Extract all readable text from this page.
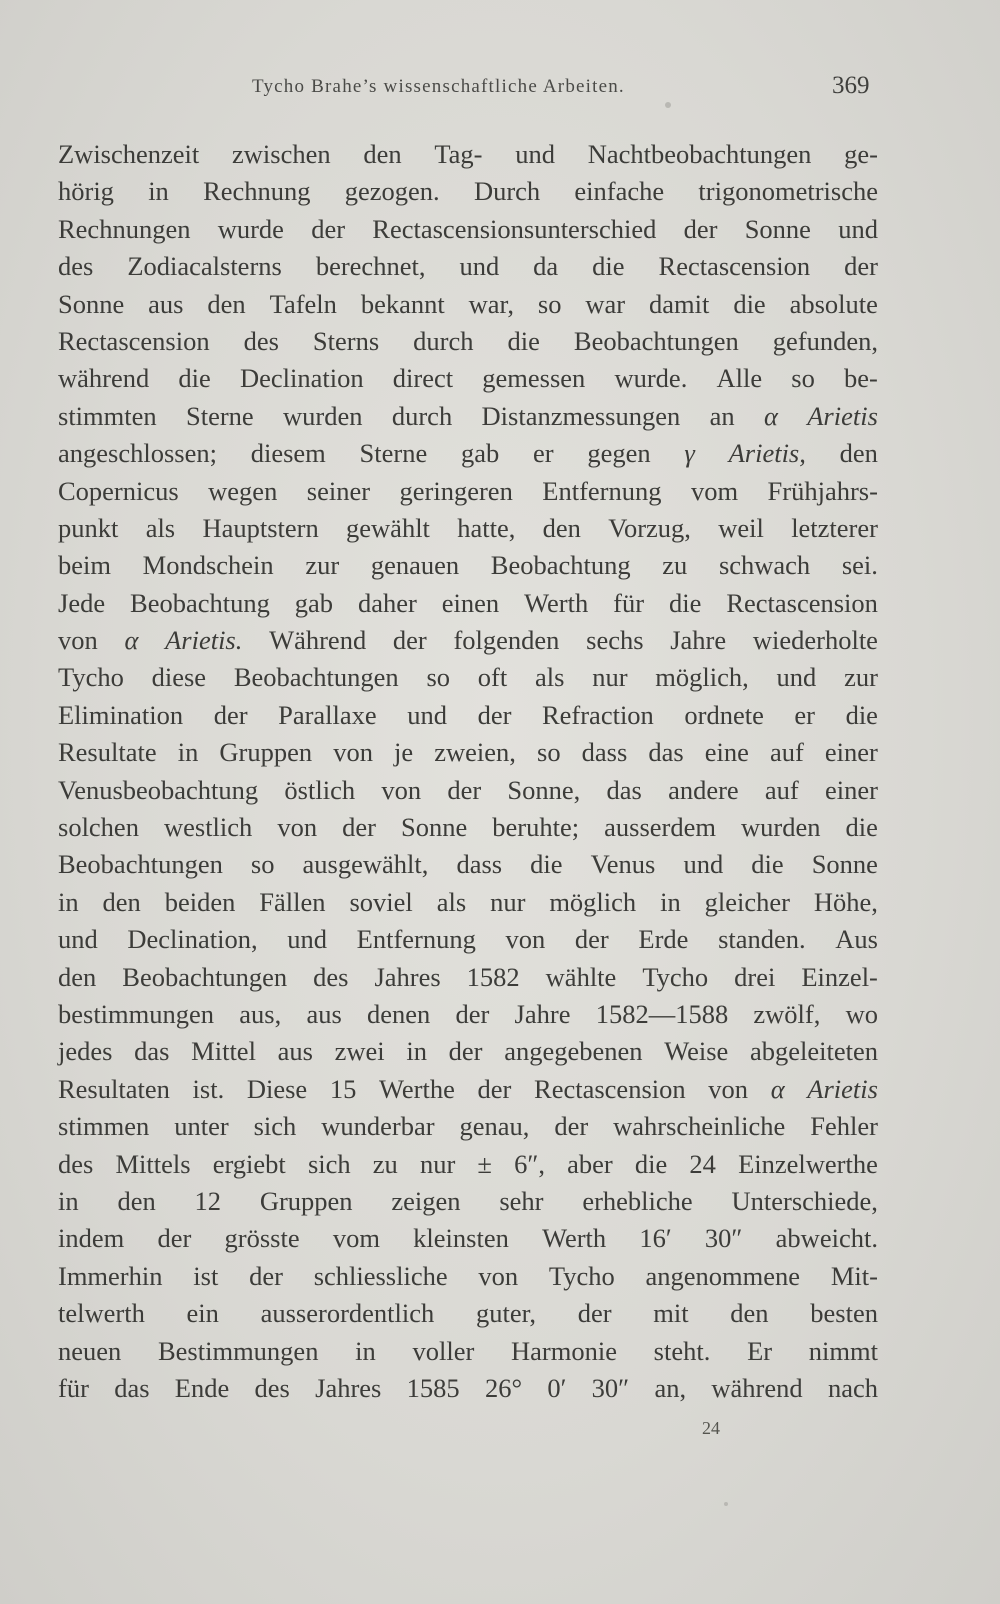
Tycho Brahe’s wissenschaftliche Arbeiten.	369
Zwischenzeit zwischen den Tag- und Nachtbeobachtungen ge-
hörig in Rechnung gezogen. Durch einfache trigonometrische
Rechnungen wurde der Rectascensionsunterschied der Sonne und
des Zodiacalsterns berechnet, und da die Rectascension der
Sonne aus den Tafeln bekannt war, so war damit die absolute
Rectascension des Sterns durch die Beobachtungen gefunden,
während die Declination direct gemessen wurde. Alle so be-
stimmten Sterne wurden durch Distanzmessungen an α Arietis
angeschlossen; diesem Sterne gab er gegen γ Arietis, den
Copernicus wegen seiner geringeren Entfernung vom Frühjahrs-
punkt als Hauptstern gewählt hatte, den Vorzug, weil letzterer
beim Mondschein zur genauen Beobachtung zu schwach sei.
Jede Beobachtung gab daher einen Werth für die Rectascension
von α Arietis. Während der folgenden sechs Jahre wiederholte
Tycho diese Beobachtungen so oft als nur möglich, und zur
Elimination der Parallaxe und der Refraction ordnete er die
Resultate in Gruppen von je zweien, so dass das eine auf einer
Venusbeobachtung östlich von der Sonne, das andere auf einer
solchen westlich von der Sonne beruhte; ausserdem wurden die
Beobachtungen so ausgewählt, dass die Venus und die Sonne
in den beiden Fällen soviel als nur möglich in gleicher Höhe,
und Declination, und Entfernung von der Erde standen. Aus
den Beobachtungen des Jahres 1582 wählte Tycho drei Einzel-
bestimmungen aus, aus denen der Jahre 1582—1588 zwölf, wo
jedes das Mittel aus zwei in der angegebenen Weise abgeleiteten
Resultaten ist. Diese 15 Werthe der Rectascension von α Arietis
stimmen unter sich wunderbar genau, der wahrscheinliche Fehler
des Mittels ergiebt sich zu nur ± 6″, aber die 24 Einzelwerthe
in den 12 Gruppen zeigen sehr erhebliche Unterschiede,
indem der grösste vom kleinsten Werth 16′ 30″ abweicht.
Immerhin ist der schliessliche von Tycho angenommene Mit-
telwerth ein ausserordentlich guter, der mit den besten
neuen Bestimmungen in voller Harmonie steht. Er nimmt
für das Ende des Jahres 1585 26° 0′ 30″ an, während nach
24
